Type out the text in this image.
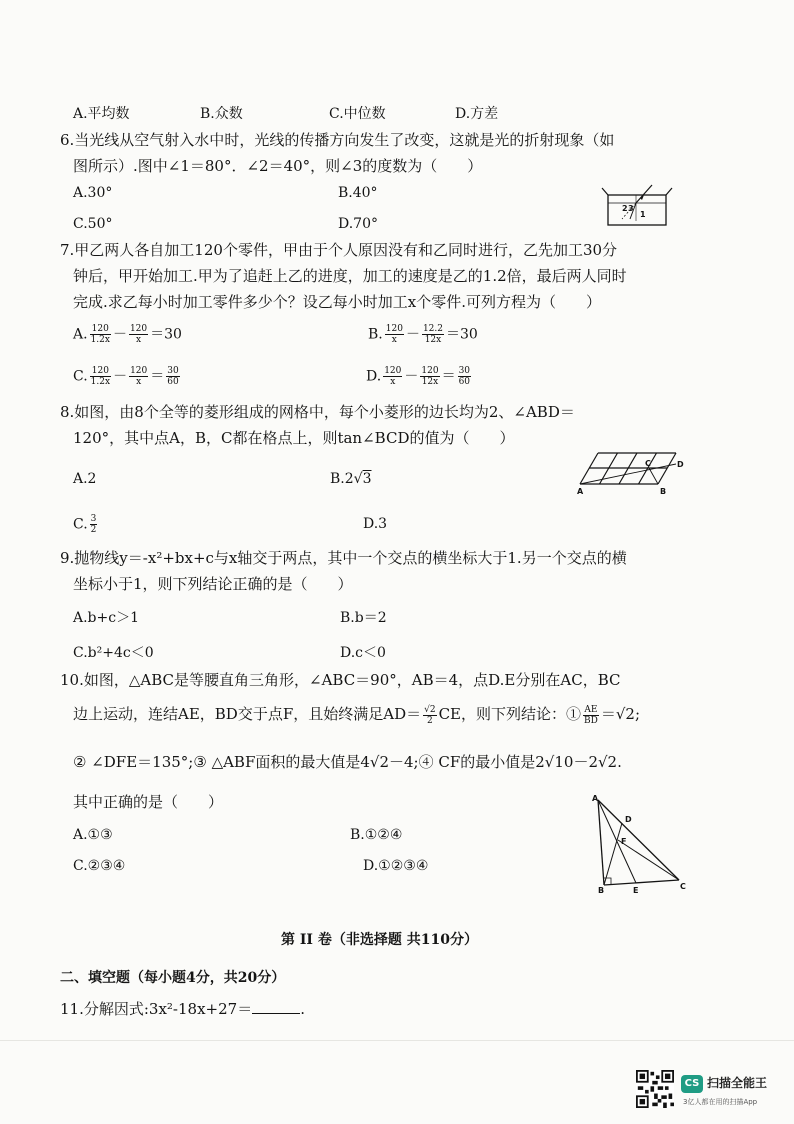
A.平均数	B.众数	C.中位数	D.方差
6.当光线从空气射入水中时，光线的传播方向发生了改变，这就是光的折射现象（如
图所示）.图中∠1＝80°．∠2＝40°，则∠3的度数为（　　）
A.30°	B.40°
C.50°	D.70°
2 3
1
7.甲乙两人各自加工120个零件，甲由于个人原因没有和乙同时进行，乙先加工30分
钟后，甲开始加工.甲为了追赶上乙的进度，加工的速度是乙的1.2倍，最后两人同时
完成.求乙每小时加工零件多少个？设乙每小时加工x个零件.可列方程为（　　）
A. $\frac{120}{1.2x} - \frac{120}{x} =30$	B. $\frac{120}{x} - \frac{12.2}{12x} =30$
C. $\frac{120}{1.2x} - \frac{120}{x} = \frac{30}{60}$	D. $\frac{120}{x} - \frac{120}{12x} = \frac{30}{60}$
8.如图，由8个全等的菱形组成的网格中，每个小菱形的边长均为2、∠ABD＝
120°，其中点A，B，C都在格点上，则tan∠BCD的值为（　　）
A.2	B.2√3
C. $\frac{3}{2}$	D.3
A	B
C	D
9.抛物线y＝-x²+bx+c与x轴交于两点，其中一个交点的横坐标大于1.另一个交点的横
坐标小于1，则下列结论正确的是（　　）
A.b+c＞1	B.b＝2
C.b²+4c＜0	D.c＜0
10.如图，△ABC是等腰直角三角形，∠ABC＝90°，AB＝4，点D.E分别在AC，BC
边上运动，连结AE，BD交于点F，且始终满足$AD= \frac{√2}{2}$ CE，则下列结论：① $\frac{AE}{BD} =√2$;
② ∠DFE＝135°;③ △ABF面积的最大值是4√2－4;④ CF的最小值是2√10－2√2.
其中正确的是（　　）
A.①③	B.①②④
C.②③④	D.①②③④
A
D
F
B	E	C
第 II 卷（非选择题 共110分）
二、填空题（每小题4分，共20分）
11.分解因式:3x²-18x+27＝	.
CS 扫描全能王
3亿人都在用的扫描App
